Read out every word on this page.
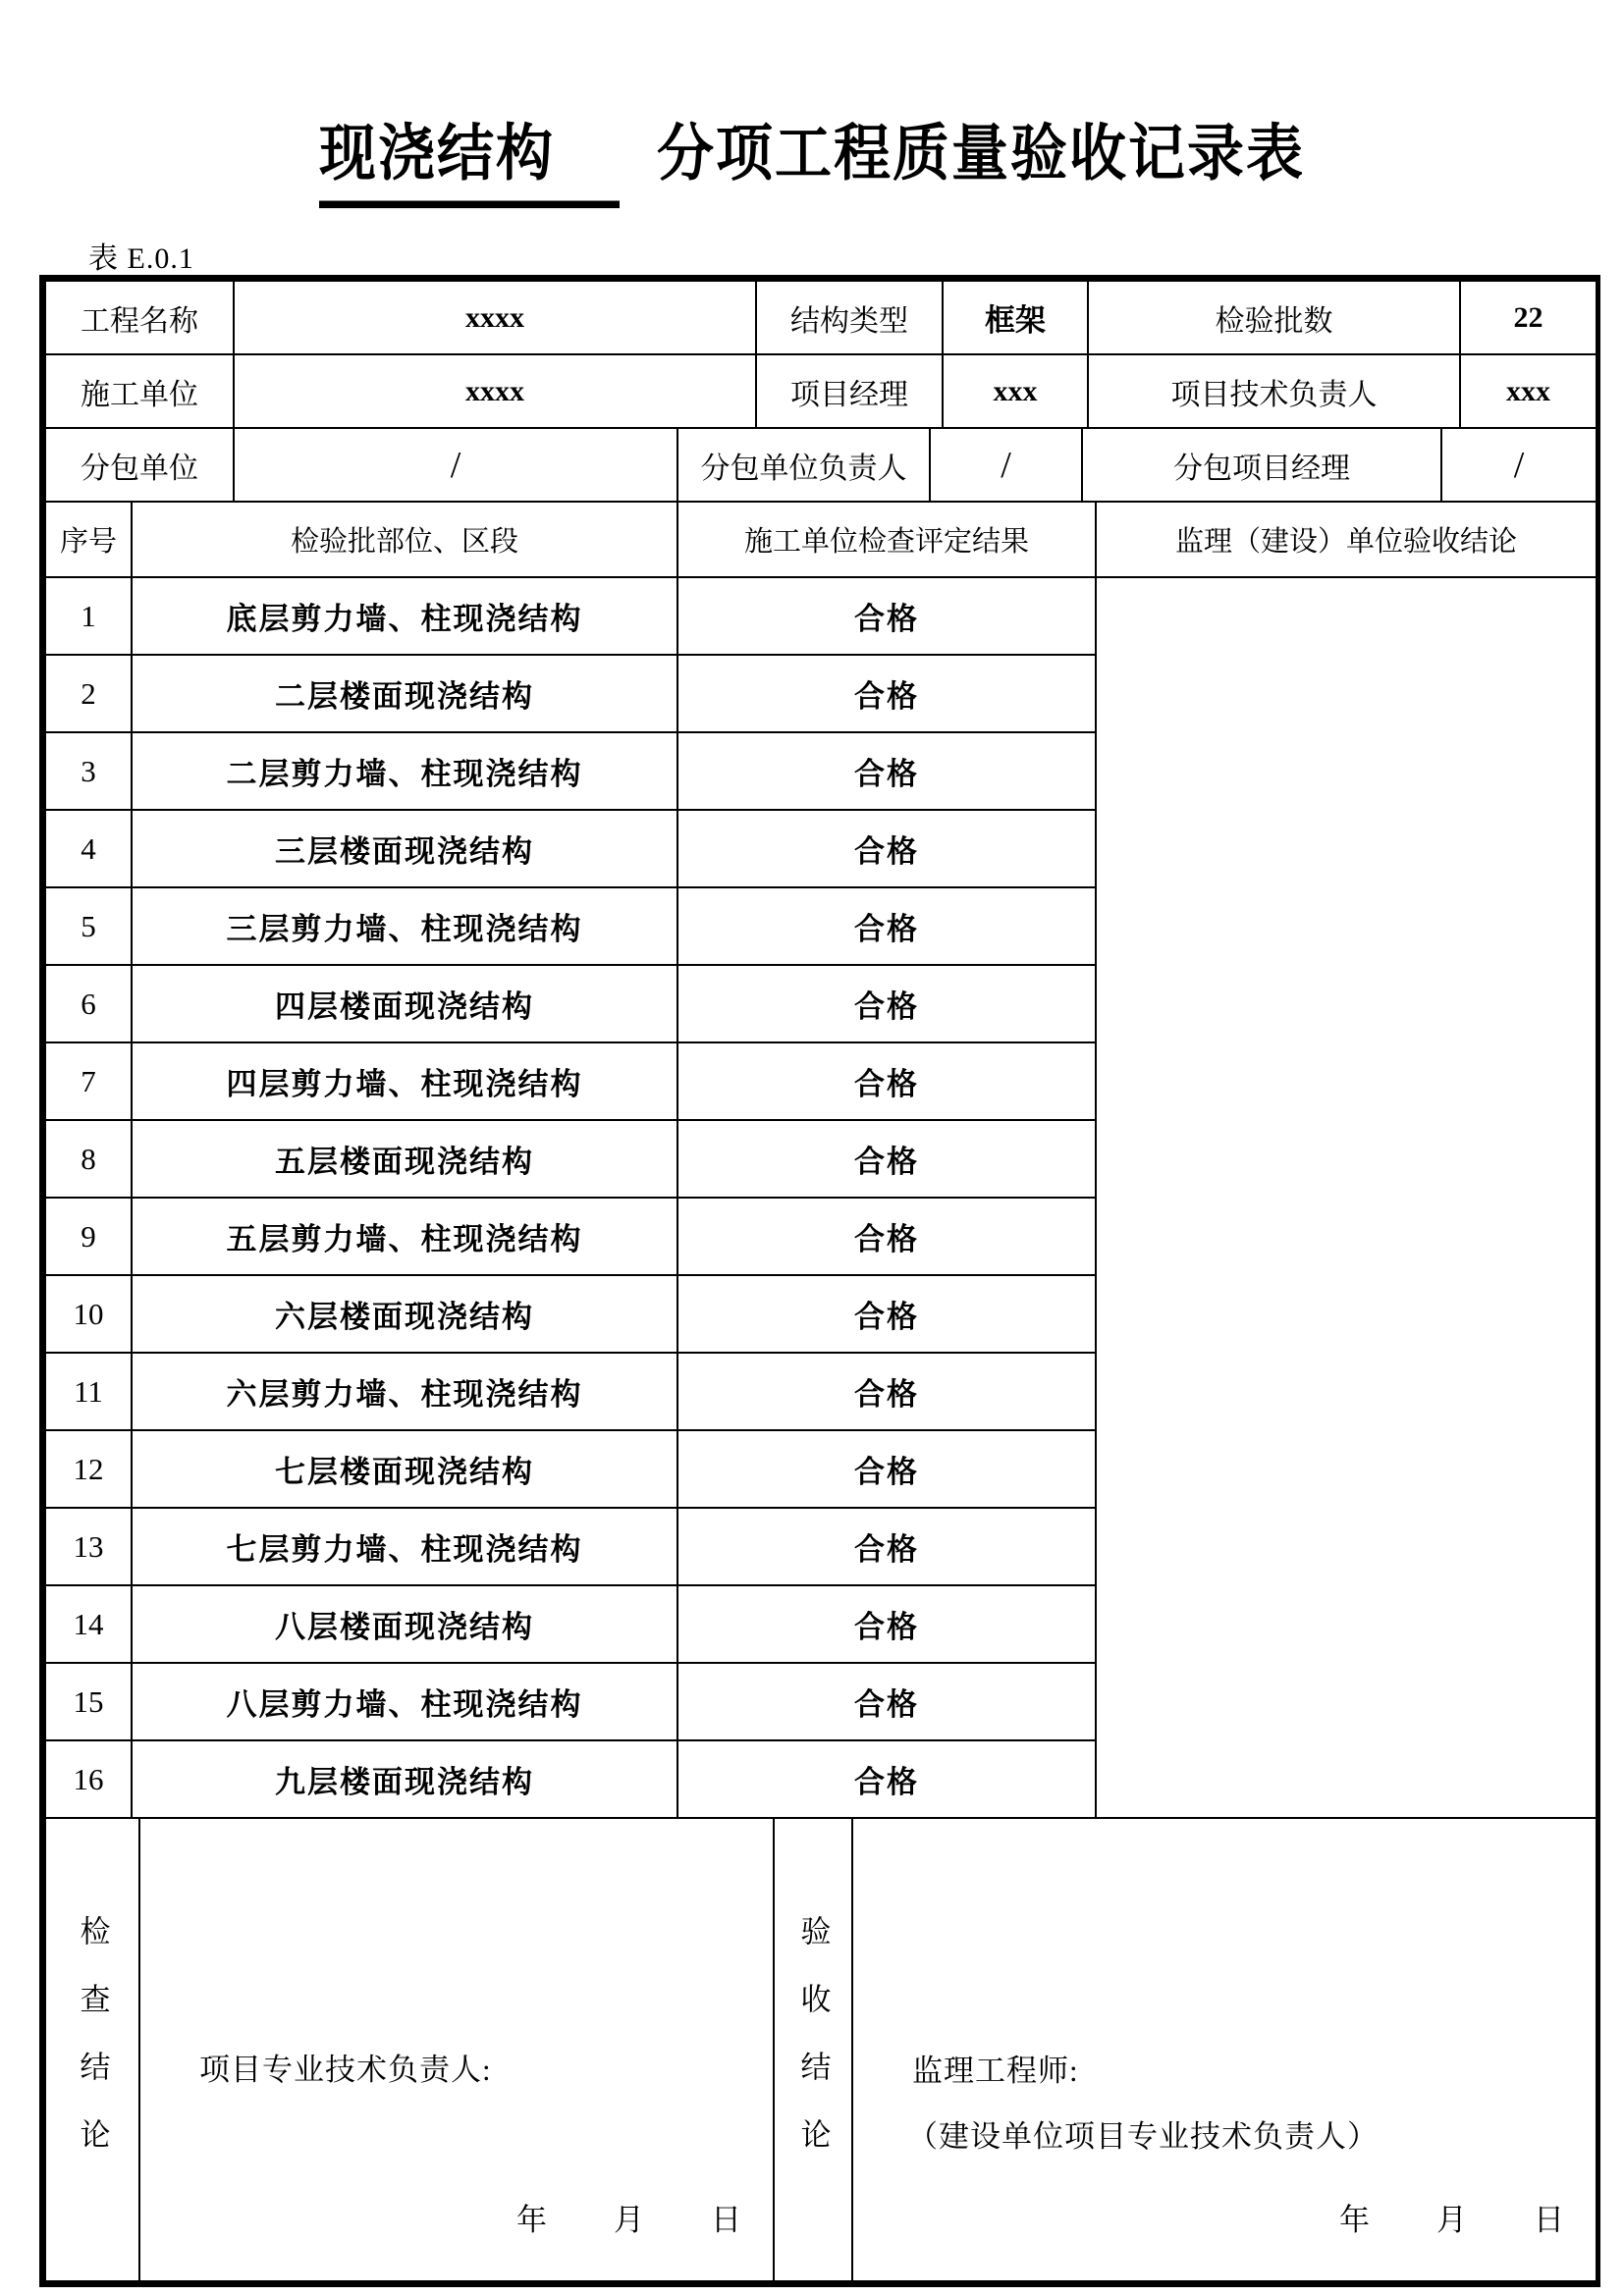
现浇结构 分项工程质量验收记录表
表 E.0.1
工程名称	xxxx	结构类型	框架	检验批数	22
施工单位	xxxx	项目经理	xxx	项目技术负责人	xxx
分包单位	/	分包单位负责人	/	分包项目经理	/
序号	检验批部位、区段	施工单位检查评定结果	监理（建设）单位验收结论
1	底层剪力墙、柱现浇结构	合格	
2	二层楼面现浇结构	合格	
3	二层剪力墙、柱现浇结构	合格	
4	三层楼面现浇结构	合格	
5	三层剪力墙、柱现浇结构	合格	
6	四层楼面现浇结构	合格	
7	四层剪力墙、柱现浇结构	合格	
8	五层楼面现浇结构	合格	
9	五层剪力墙、柱现浇结构	合格	
10	六层楼面现浇结构	合格	
11	六层剪力墙、柱现浇结构	合格	
12	七层楼面现浇结构	合格	
13	七层剪力墙、柱现浇结构	合格	
14	八层楼面现浇结构	合格	
15	八层剪力墙、柱现浇结构	合格	
16	九层楼面现浇结构	合格	
检查结论	项目专业技术负责人:
年　　月　　日
	验收结论	监理工程师:
（建设单位项目专业技术负责人）
年　　月　　日
